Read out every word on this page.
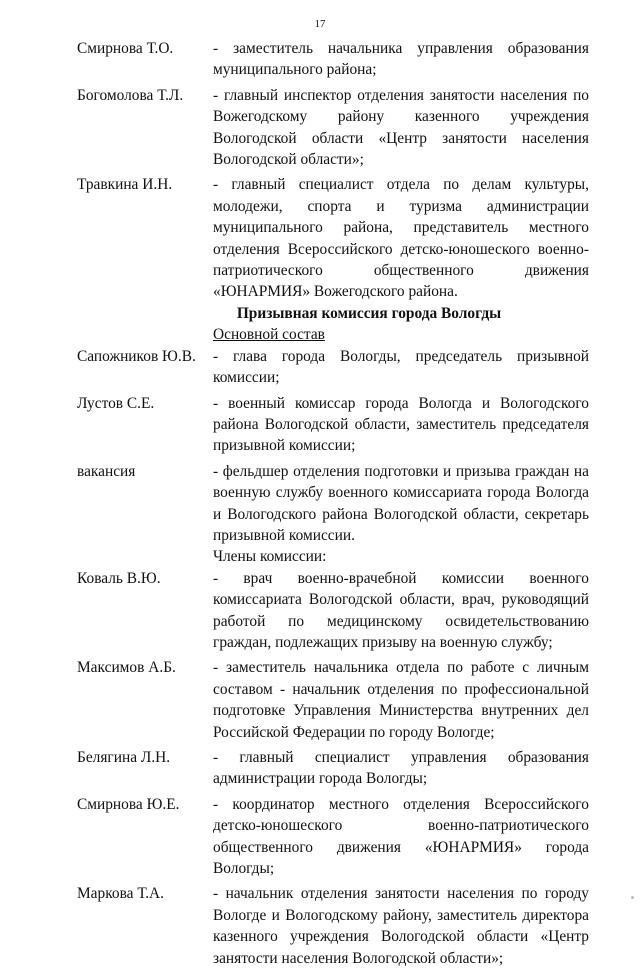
17
Смирнова Т.О.	- заместитель начальника управления образования муниципального района;
Богомолова Т.Л.	- главный инспектор отделения занятости населения по Вожегодскому району казенного учреждения Вологодской области «Центр занятости населения Вологодской области»;
Травкина И.Н.	- главный специалист отдела по делам культуры, молодежи, спорта и туризма администрации муниципального района, представитель местного отделения Всероссийского детско-юношеского военно-патриотического общественного движения «ЮНАРМИЯ» Вожегодского района.
Призывная комиссия города Вологды
Основной состав
Сапожников Ю.В.	- глава города Вологды, председатель призывной комиссии;
Лустов С.Е.	- военный комиссар города Вологда и Вологодского района Вологодской области, заместитель председателя призывной комиссии;
вакансия	- фельдшер отделения подготовки и призыва граждан на военную службу военного комиссариата города Вологда и Вологодского района Вологодской области, секретарь призывной комиссии.
Члены комиссии:
Коваль В.Ю.	- врач военно-врачебной комиссии военного комиссариата Вологодской области, врач, руководящий работой по медицинскому освидетельствованию граждан, подлежащих призыву на военную службу;
Максимов А.Б.	- заместитель начальника отдела по работе с личным составом - начальник отделения по профессиональной подготовке Управления Министерства внутренних дел Российской Федерации по городу Вологде;
Белягина Л.Н.	- главный специалист управления образования администрации города Вологды;
Смирнова Ю.Е.	- координатор местного отделения Всероссийского детско-юношеского военно-патриотического общественного движения «ЮНАРМИЯ» города Вологды;
Маркова Т.А.	- начальник отделения занятости населения по городу Вологде и Вологодскому району, заместитель директора казенного учреждения Вологодской области «Центр занятости населения Вологодской области»;
